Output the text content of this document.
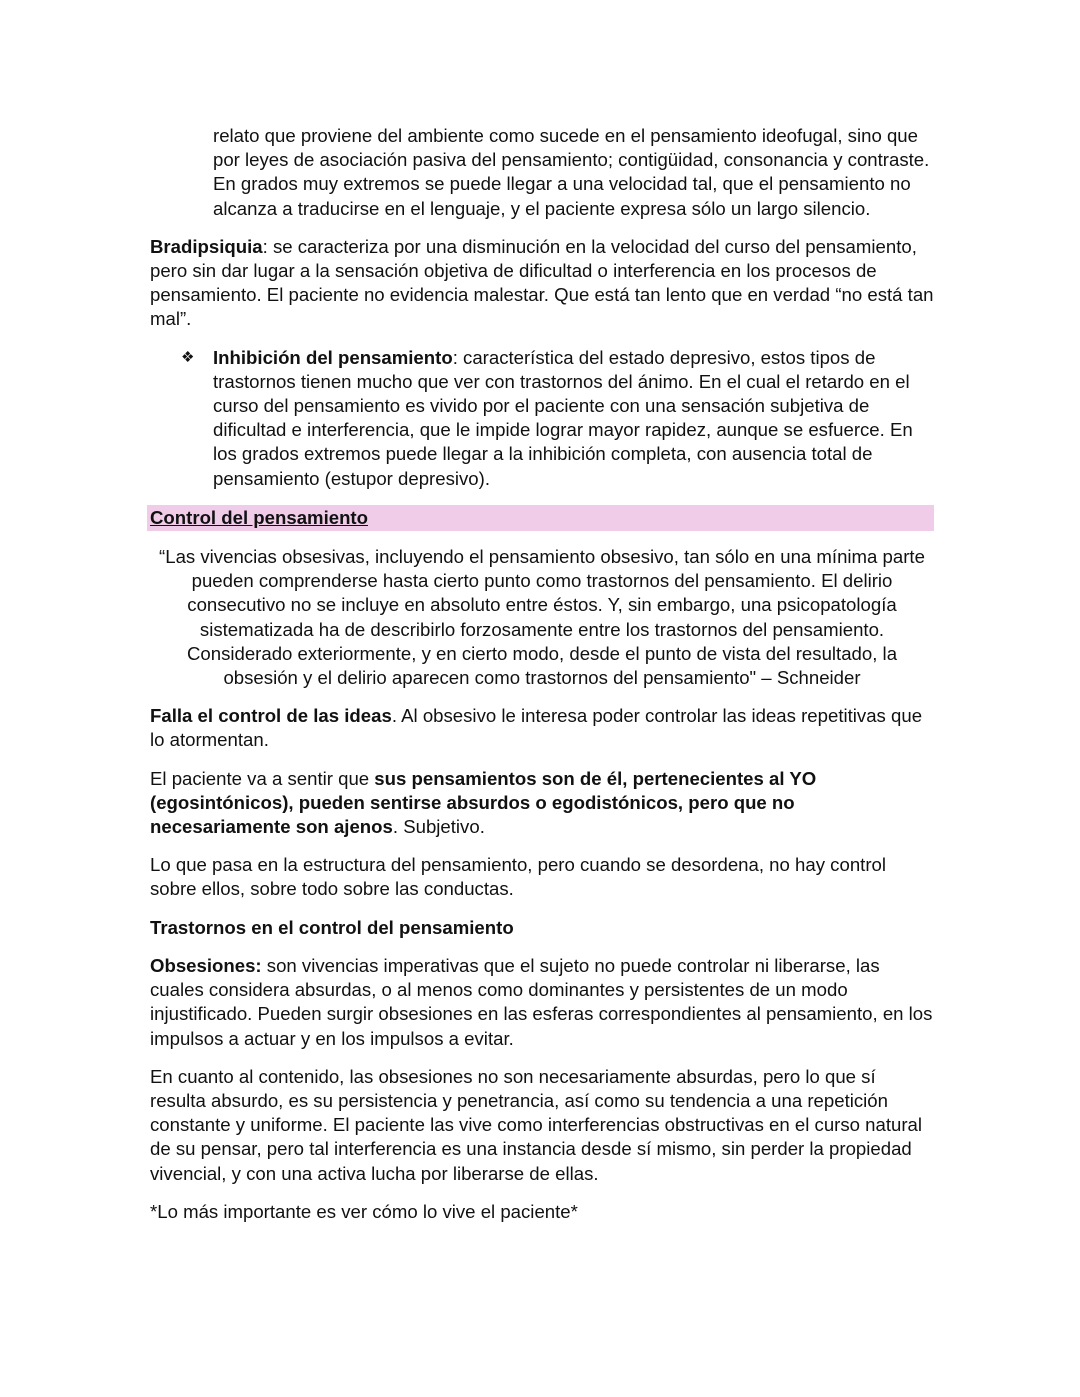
relato que proviene del ambiente como sucede en el pensamiento ideofugal, sino que por leyes de asociación pasiva del pensamiento; contigüidad, consonancia y contraste. En grados muy extremos se puede llegar a una velocidad tal, que el pensamiento no alcanza a traducirse en el lenguaje, y el paciente expresa sólo un largo silencio.

Bradipsiquia: se caracteriza por una disminución en la velocidad del curso del pensamiento, pero sin dar lugar a la sensación objetiva de dificultad o interferencia en los procesos de pensamiento. El paciente no evidencia malestar. Que está tan lento que en verdad “no está tan mal”.

❖ Inhibición del pensamiento: característica del estado depresivo, estos tipos de trastornos tienen mucho que ver con trastornos del ánimo. En el cual el retardo en el curso del pensamiento es vivido por el paciente con una sensación subjetiva de dificultad e interferencia, que le impide lograr mayor rapidez, aunque se esfuerce. En los grados extremos puede llegar a la inhibición completa, con ausencia total de pensamiento (estupor depresivo).

Control del pensamiento

“Las vivencias obsesivas, incluyendo el pensamiento obsesivo, tan sólo en una mínima parte pueden comprenderse hasta cierto punto como trastornos del pensamiento. El delirio consecutivo no se incluye en absoluto entre éstos. Y, sin embargo, una psicopatología sistematizada ha de describirlo forzosamente entre los trastornos del pensamiento. Considerado exteriormente, y en cierto modo, desde el punto de vista del resultado, la obsesión y el delirio aparecen como trastornos del pensamiento" – Schneider

Falla el control de las ideas. Al obsesivo le interesa poder controlar las ideas repetitivas que lo atormentan.

El paciente va a sentir que sus pensamientos son de él, pertenecientes al YO (egosintónicos), pueden sentirse absurdos o egodistónicos, pero que no necesariamente son ajenos. Subjetivo.

Lo que pasa en la estructura del pensamiento, pero cuando se desordena, no hay control sobre ellos, sobre todo sobre las conductas.

Trastornos en el control del pensamiento

Obsesiones: son vivencias imperativas que el sujeto no puede controlar ni liberarse, las cuales considera absurdas, o al menos como dominantes y persistentes de un modo injustificado. Pueden surgir obsesiones en las esferas correspondientes al pensamiento, en los impulsos a actuar y en los impulsos a evitar.

En cuanto al contenido, las obsesiones no son necesariamente absurdas, pero lo que sí resulta absurdo, es su persistencia y penetrancia, así como su tendencia a una repetición constante y uniforme. El paciente las vive como interferencias obstructivas en el curso natural de su pensar, pero tal interferencia es una instancia desde sí mismo, sin perder la propiedad vivencial, y con una activa lucha por liberarse de ellas.

*Lo más importante es ver cómo lo vive el paciente*
